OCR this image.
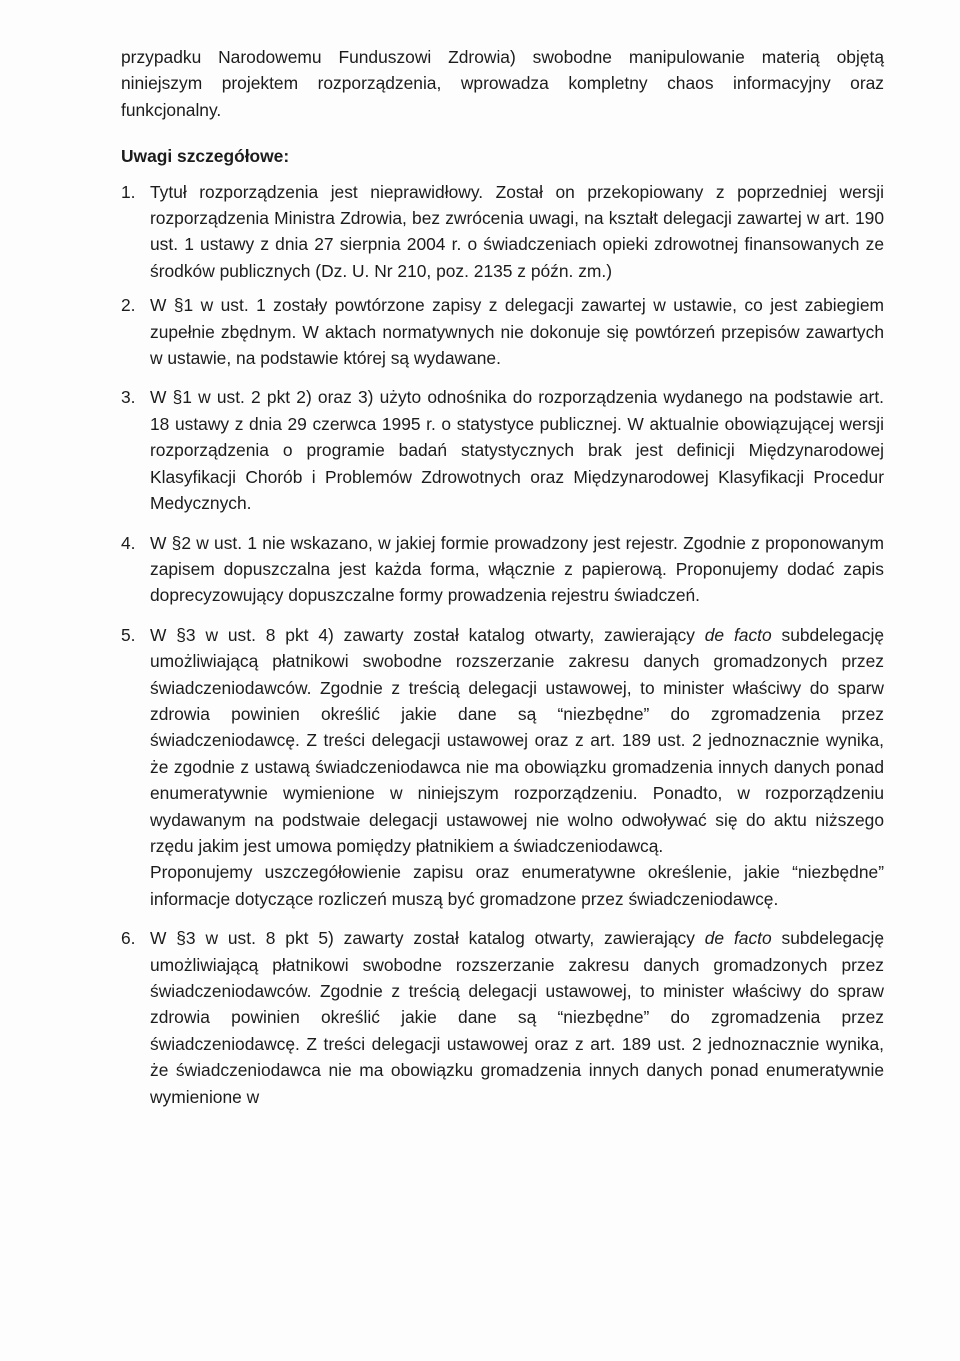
przypadku Narodowemu Funduszowi Zdrowia) swobodne manipulowanie materią objętą niniejszym projektem rozporządzenia, wprowadza kompletny chaos informacyjny oraz funkcjonalny.

Uwagi szczegółowe:
1. Tytuł rozporządzenia jest nieprawidłowy. Został on przekopiowany z poprzedniej wersji rozporządzenia Ministra Zdrowia, bez zwrócenia uwagi, na kształt delegacji zawartej w art. 190 ust. 1 ustawy z dnia 27 sierpnia 2004 r. o świadczeniach opieki zdrowotnej finansowanych ze środków publicznych (Dz. U. Nr 210, poz. 2135 z późn. zm.)

2. W §1 w ust. 1 zostały powtórzone zapisy z delegacji zawartej w ustawie, co jest zabiegiem zupełnie zbędnym. W aktach normatywnych nie dokonuje się powtórzeń przepisów zawartych w ustawie, na podstawie której są wydawane.

3. W §1 w ust. 2 pkt 2) oraz 3) użyto odnośnika do rozporządzenia wydanego na podstawie art. 18 ustawy z dnia 29 czerwca 1995 r. o statystyce publicznej. W aktualnie obowiązującej wersji rozporządzenia o programie badań statystycznych brak jest definicji Międzynarodowej Klasyfikacji Chorób i Problemów Zdrowotnych oraz Międzynarodowej Klasyfikacji Procedur Medycznych.

4. W §2 w ust. 1 nie wskazano, w jakiej formie prowadzony jest rejestr. Zgodnie z proponowanym zapisem dopuszczalna jest każda forma, włącznie z papierową. Proponujemy dodać zapis doprecyzowujący dopuszczalne formy prowadzenia rejestru świadczeń.

5. W §3 w ust. 8 pkt 4) zawarty został katalog otwarty, zawierający de facto subdelegację umożliwiającą płatnikowi swobodne rozszerzanie zakresu danych gromadzonych przez świadczeniodawców. Zgodnie z treścią delegacji ustawowej, to minister właściwy do sparw zdrowia powinien określić jakie dane są “niezbędne” do zgromadzenia przez świadczeniodawcę. Z treści delegacji ustawowej oraz z art. 189 ust. 2 jednoznacznie wynika, że zgodnie z ustawą świadczeniodawca nie ma obowiązku gromadzenia innych danych ponad enumeratywnie wymienione w niniejszym rozporządzeniu. Ponadto, w rozporządzeniu wydawanym na podstwaie delegacji ustawowej nie wolno odwoływać się do aktu niższego rzędu jakim jest umowa pomiędzy płatnikiem a świadczeniodawcą.

Proponujemy uszczegółowienie zapisu oraz enumeratywne określenie, jakie “niezbędne” informacje dotyczące rozliczeń muszą być gromadzone przez świadczeniodawcę.

6. W §3 w ust. 8 pkt 5) zawarty został katalog otwarty, zawierający de facto subdelegację umożliwiającą płatnikowi swobodne rozszerzanie zakresu danych gromadzonych przez świadczeniodawców. Zgodnie z treścią delegacji ustawowej, to minister właściwy do spraw zdrowia powinien określić jakie dane są “niezbędne” do zgromadzenia przez świadczeniodawcę. Z treści delegacji ustawowej oraz z art. 189 ust. 2 jednoznacznie wynika, że świadczeniodawca nie ma obowiązku gromadzenia innych danych ponad enumeratywnie wymienione w
